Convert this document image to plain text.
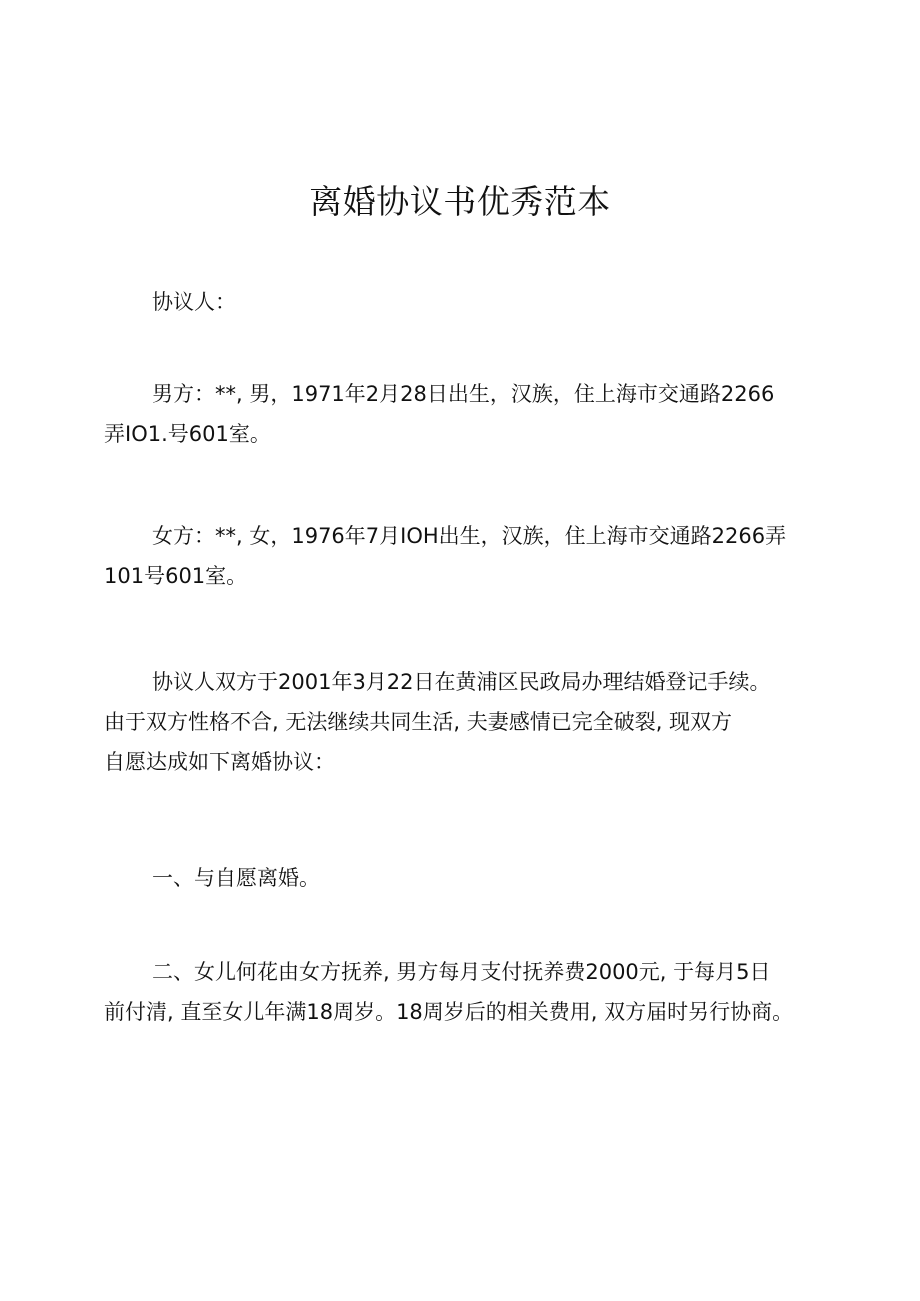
离婚协议书优秀范本

协议人：

男方：**, 男，1971年2月28日出生，汉族，住上海市交通路2266
弄IO1.号601室。

女方：**, 女，1976年7月IOH出生，汉族，住上海市交通路2266弄
101号601室。

协议人双方于2001年3月22日在黄浦区民政局办理结婚登记手续。
由于双方性格不合, 无法继续共同生活, 夫妻感情已完全破裂, 现双方
自愿达成如下离婚协议：

一、与自愿离婚。

二、女儿何花由女方抚养, 男方每月支付抚养费2000元, 于每月5日
前付清, 直至女儿年满18周岁。18周岁后的相关费用, 双方届时另行协商。
